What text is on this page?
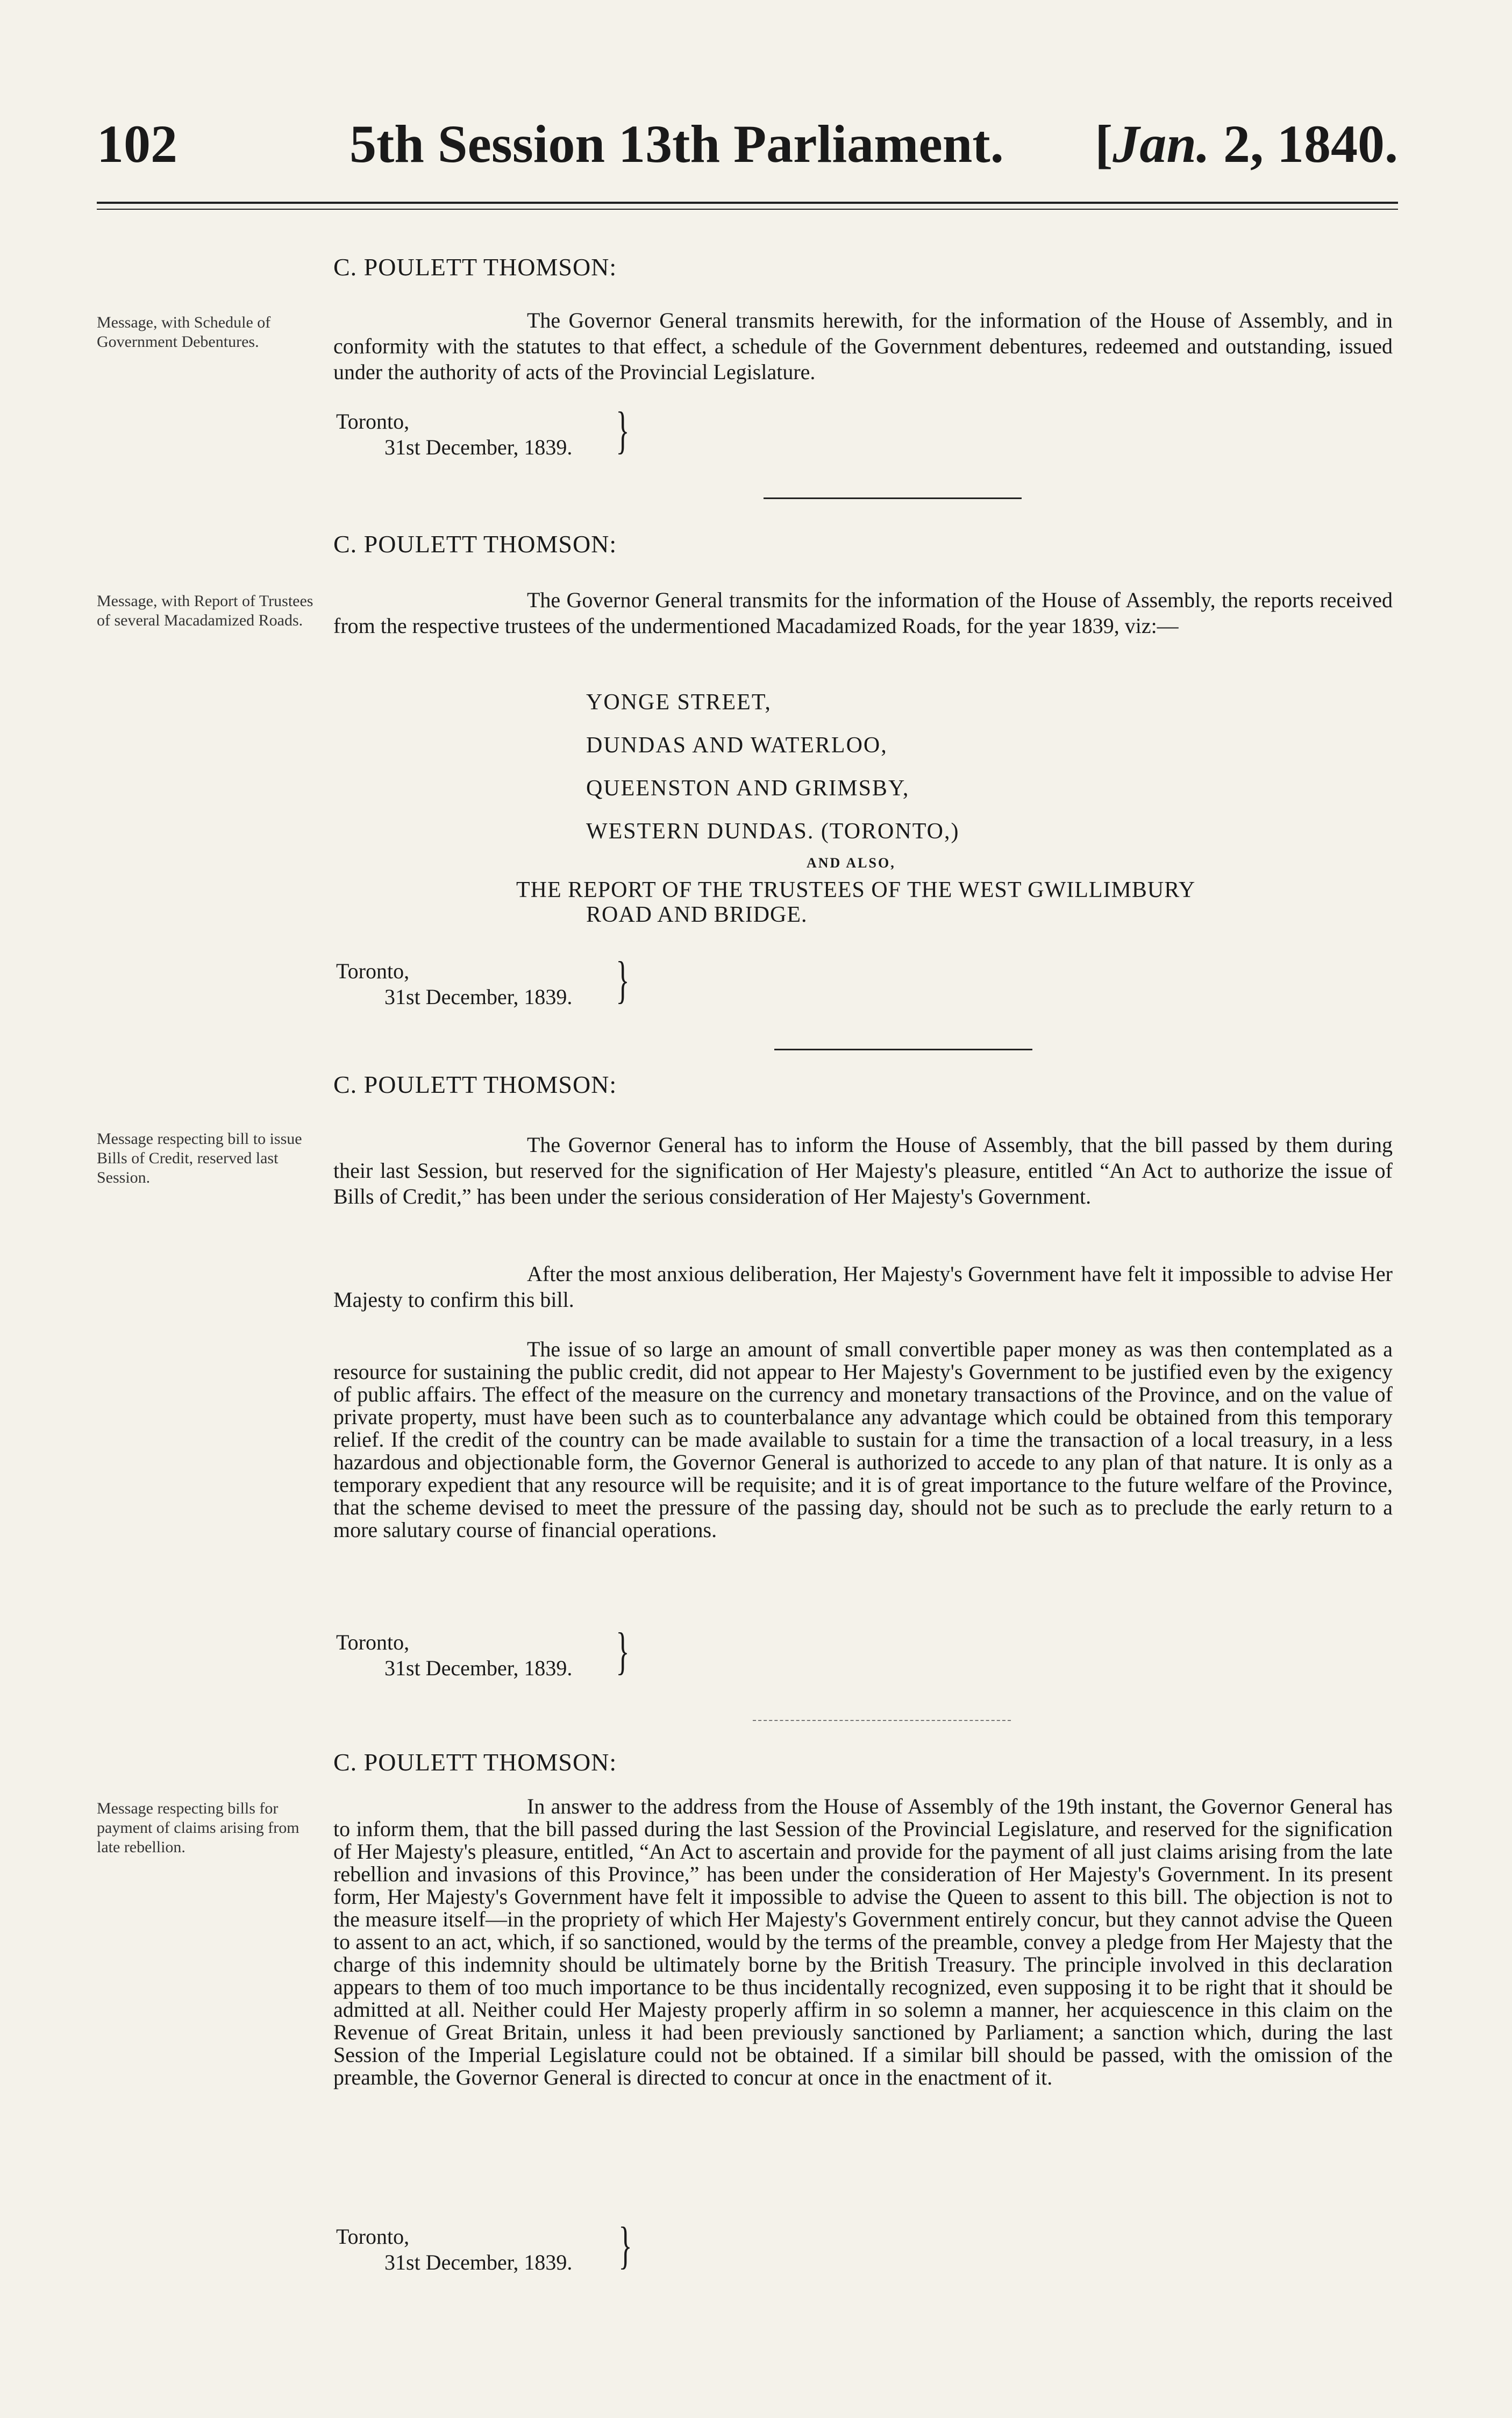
102	5th Session 13th Parliament. [Jan. 2, 1840.
C. POULETT THOMSON:
Message, with Schedule of Government Debentures.
The Governor General transmits herewith, for the information of the House of Assembly, and in conformity with the statutes to that effect, a schedule of the Government debentures, redeemed and outstanding, issued under the authority of acts of the Provincial Legislature.
Toronto,
31st December, 1839. }
C. POULETT THOMSON:
Message, with Report of Trustees of several Macadamized Roads.
The Governor General transmits for the information of the House of Assembly, the reports received from the respective trustees of the undermentioned Macadamized Roads, for the year 1839, viz:—
YONGE STREET,
DUNDAS AND WATERLOO,
QUEENSTON AND GRIMSBY,
WESTERN DUNDAS. (TORONTO,)
AND ALSO,
THE REPORT OF THE TRUSTEES OF THE WEST GWILLIMBURY
ROAD AND BRIDGE.
Toronto,
31st December, 1839. }
C. POULETT THOMSON:
Message respecting bill to issue Bills of Credit, reserved last Session.
The Governor General has to inform the House of Assembly, that the bill passed by them during their last Session, but reserved for the signification of Her Majesty's pleasure, entitled “An Act to authorize the issue of Bills of Credit,” has been under the serious consideration of Her Majesty's Government.
After the most anxious deliberation, Her Majesty's Government have felt it impossible to advise Her Majesty to confirm this bill.
The issue of so large an amount of small convertible paper money as was then contemplated as a resource for sustaining the public credit, did not appear to Her Majesty's Government to be justified even by the exigency of public affairs. The effect of the measure on the currency and monetary transactions of the Province, and on the value of private property, must have been such as to counterbalance any advantage which could be obtained from this temporary relief. If the credit of the country can be made available to sustain for a time the transaction of a local treasury, in a less hazardous and objectionable form, the Governor General is authorized to accede to any plan of that nature. It is only as a temporary expedient that any resource will be requisite; and it is of great importance to the future welfare of the Province, that the scheme devised to meet the pressure of the passing day, should not be such as to preclude the early return to a more salutary course of financial operations.
Toronto,
31st December, 1839. }
C. POULETT THOMSON:
Message respecting bills for payment of claims arising from late rebellion.
In answer to the address from the House of Assembly of the 19th instant, the Governor General has to inform them, that the bill passed during the last Session of the Provincial Legislature, and reserved for the signification of Her Majesty's pleasure, entitled, “An Act to ascertain and provide for the payment of all just claims arising from the late rebellion and invasions of this Province,” has been under the consideration of Her Majesty's Government. In its present form, Her Majesty's Government have felt it impossible to advise the Queen to assent to this bill. The objection is not to the measure itself—in the propriety of which Her Majesty's Government entirely concur, but they cannot advise the Queen to assent to an act, which, if so sanctioned, would by the terms of the preamble, convey a pledge from Her Majesty that the charge of this indemnity should be ultimately borne by the British Treasury. The principle involved in this declaration appears to them of too much importance to be thus incidentally recognized, even supposing it to be right that it should be admitted at all. Neither could Her Majesty properly affirm in so solemn a manner, her acquiescence in this claim on the Revenue of Great Britain, unless it had been previously sanctioned by Parliament; a sanction which, during the last Session of the Imperial Legislature could not be obtained. If a similar bill should be passed, with the omission of the preamble, the Governor General is directed to concur at once in the enactment of it.
Toronto,
31st December, 1839. }
